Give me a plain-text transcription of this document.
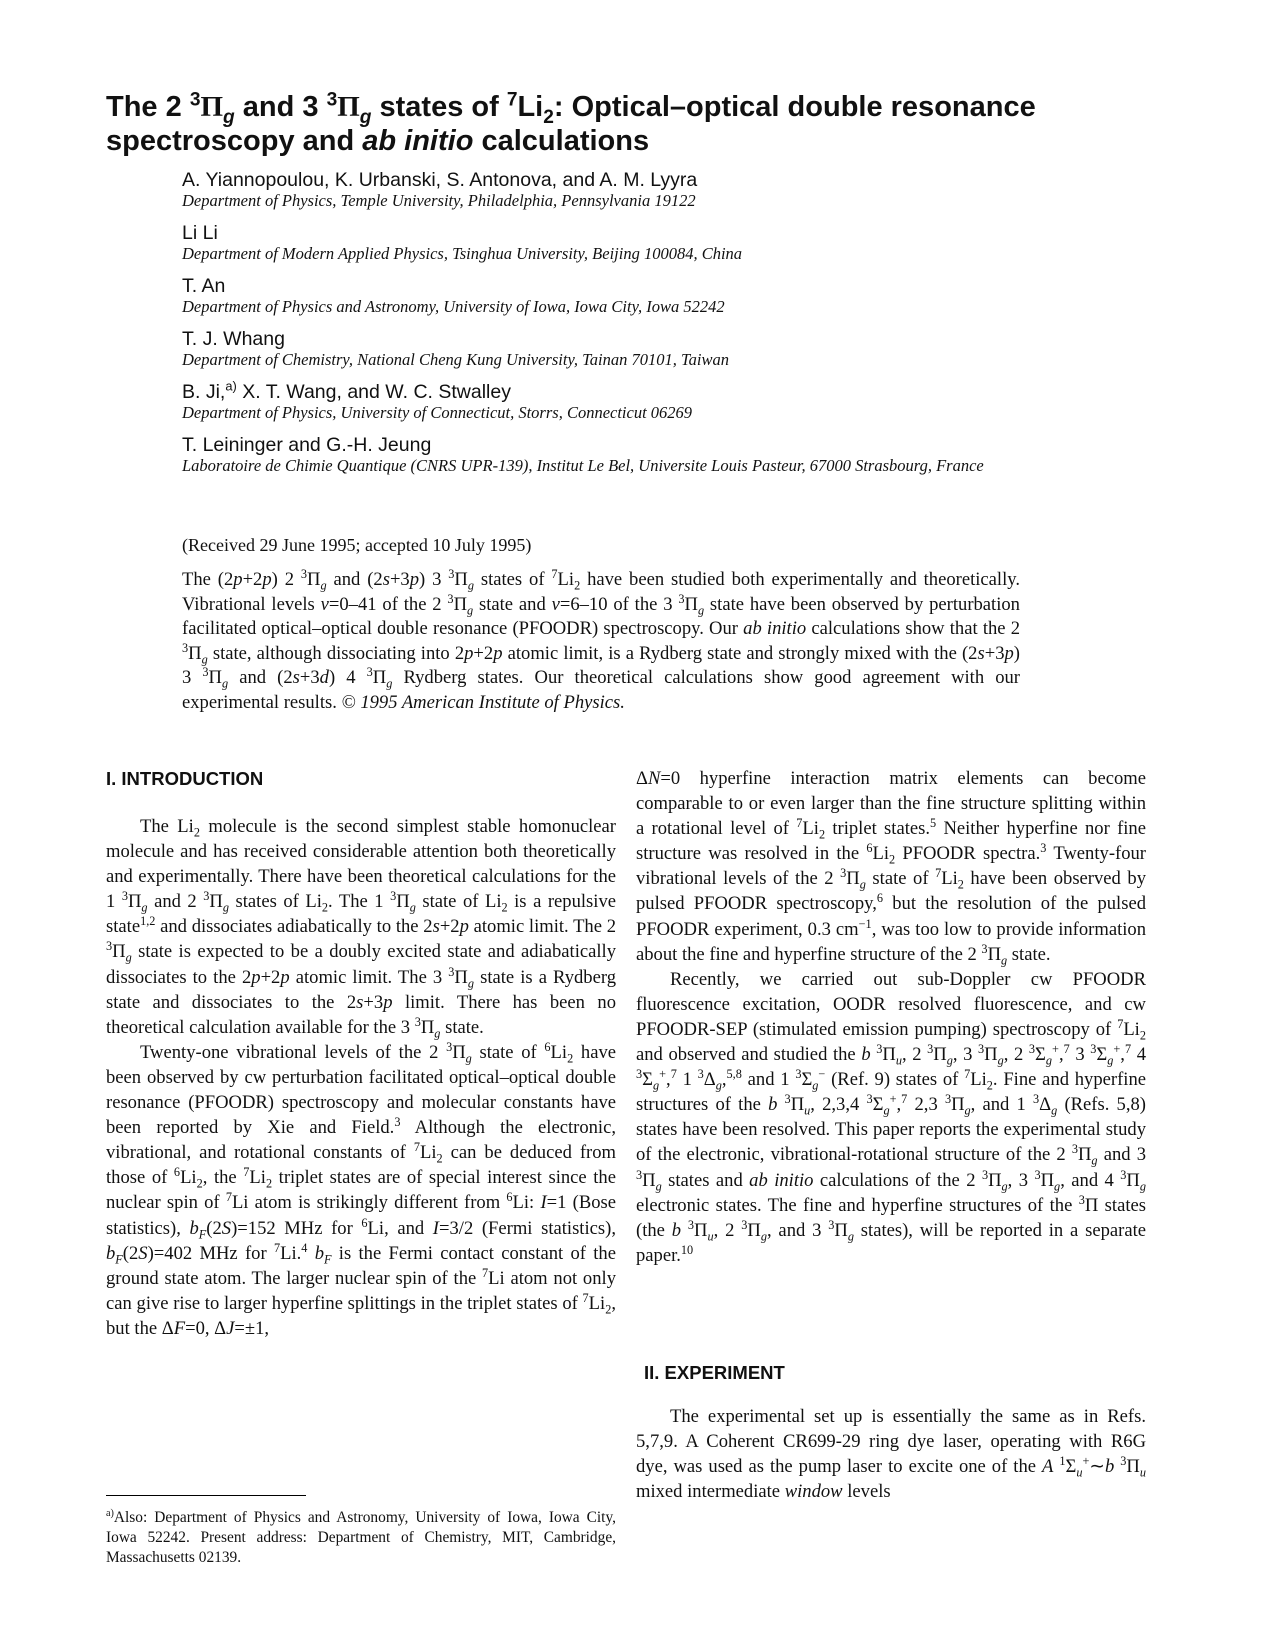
The 2 $^3\Pi_g$ and 3 $^3\Pi_g$ states of $^7Li_2$: Optical–optical double resonance
spectroscopy and ab initio calculations

A. Yiannopoulou, K. Urbanski, S. Antonova, and A. M. Lyyra

Department of Physics, Temple University, Philadelphia, Pennsylvania 19122

Li Li

Department of Modern Applied Physics, Tsinghua University, Beijing 100084, China

T. An

Department of Physics and Astronomy, University of Iowa, Iowa City, Iowa 52242

T. J. Whang

Department of Chemistry, National Cheng Kung University, Tainan 70101, Taiwan

B. Ji,$^{a)}$ X. T. Wang, and W. C. Stwalley

Department of Physics, University of Connecticut, Storrs, Connecticut 06269

T. Leininger and G.-H. Jeung

Laboratoire de Chimie Quantique (CNRS UPR-139), Institut Le Bel, Universite Louis Pasteur, 67000 Strasbourg, France

(Received 29 June 1995; accepted 10 July 1995)

The (2p+2p) 2 $^3\Pi_g$ and (2s+3p) 3 $^3\Pi_g$ states of $^7Li_2$ have been studied both experimentally and theoretically. Vibrational levels v=0–41 of the 2 $^3\Pi_g$ state and v=6–10 of the 3 $^3\Pi_g$ state have been observed by perturbation facilitated optical–optical double resonance (PFOODR) spectroscopy. Our ab initio calculations show that the 2 $^3\Pi_g$ state, although dissociating into 2p+2p atomic limit, is a Rydberg state and strongly mixed with the (2s+3p) 3 $^3\Pi_g$ and (2s+3d) 4 $^3\Pi_g$ Rydberg states. Our theoretical calculations show good agreement with our experimental results. © 1995 American Institute of Physics.

I. INTRODUCTION

The $Li_2$ molecule is the second simplest stable homonuclear molecule and has received considerable attention both theoretically and experimentally. There have been theoretical calculations for the 1 $^3\Pi_g$ and 2 $^3\Pi_g$ states of $Li_2$. The 1 $^3\Pi_g$ state of $Li_2$ is a repulsive state$^{1,2}$ and dissociates adiabatically to the 2s+2p atomic limit. The 2 $^3\Pi_g$ state is expected to be a doubly excited state and adiabatically dissociates to the 2p+2p atomic limit. The 3 $^3\Pi_g$ state is a Rydberg state and dissociates to the 2s+3p limit. There has been no theoretical calculation available for the 3 $^3\Pi_g$ state.

Twenty-one vibrational levels of the 2 $^3\Pi_g$ state of $^6Li_2$ have been observed by cw perturbation facilitated optical–optical double resonance (PFOODR) spectroscopy and molecular constants have been reported by Xie and Field.$^3$ Although the electronic, vibrational, and rotational constants of $^7Li_2$ can be deduced from those of $^6Li_2$, the $^7Li_2$ triplet states are of special interest since the nuclear spin of $^7$Li atom is strikingly different from $^6$Li: I=1 (Bose statistics), $b_F(2S)=152$ MHz for $^6$Li, and I=3/2 (Fermi statistics), $b_F(2S)=402$ MHz for $^7$Li.$^4$ $b_F$ is the Fermi contact constant of the ground state atom. The larger nuclear spin of the $^7$Li atom not only can give rise to larger hyperfine splittings in the triplet states of $^7Li_2$, but the ΔF=0, ΔJ=±1,

$^{a)}$Also: Department of Physics and Astronomy, University of Iowa, Iowa City, Iowa 52242. Present address: Department of Chemistry, MIT, Cambridge, Massachusetts 02139.

ΔN=0 hyperfine interaction matrix elements can become comparable to or even larger than the fine structure splitting within a rotational level of $^7Li_2$ triplet states.$^5$ Neither hyperfine nor fine structure was resolved in the $^6Li_2$ PFOODR spectra.$^3$ Twenty-four vibrational levels of the 2 $^3\Pi_g$ state of $^7Li_2$ have been observed by pulsed PFOODR spectroscopy,$^6$ but the resolution of the pulsed PFOODR experiment, 0.3 $cm^{-1}$, was too low to provide information about the fine and hyperfine structure of the 2 $^3\Pi_g$ state.

Recently, we carried out sub-Doppler cw PFOODR fluorescence excitation, OODR resolved fluorescence, and cw PFOODR-SEP (stimulated emission pumping) spectroscopy of $^7Li_2$ and observed and studied the b $^3\Pi_u$, 2 $^3\Pi_g$, 3 $^3\Pi_g$, 2 $^3\Sigma_g^+,^7$ 3 $^3\Sigma_g^+,^7$ 4 $^3\Sigma_g^+,^7$ 1 $^3\Delta_g,^{5,8}$ and 1 $^3\Sigma_g^-$ (Ref. 9) states of $^7Li_2$. Fine and hyperfine structures of the b $^3\Pi_u$, 2,3,4 $^3\Sigma_g^+,^7$ 2,3 $^3\Pi_g$, and 1 $^3\Delta_g$ (Refs. 5,8) states have been resolved. This paper reports the experimental study of the electronic, vibrational-rotational structure of the 2 $^3\Pi_g$ and 3 $^3\Pi_g$ states and ab initio calculations of the 2 $^3\Pi_g$, 3 $^3\Pi_g$, and 4 $^3\Pi_g$ electronic states. The fine and hyperfine structures of the $^3$Π states (the b $^3\Pi_u$, 2 $^3\Pi_g$, and 3 $^3\Pi_g$ states), will be reported in a separate paper.$^{10}$

II. EXPERIMENT

The experimental set up is essentially the same as in Refs. 5,7,9. A Coherent CR699-29 ring dye laser, operating with R6G dye, was used as the pump laser to excite one of the A $^1\Sigma_u^+\sim b$ $^3\Pi_u$ mixed intermediate window levels
